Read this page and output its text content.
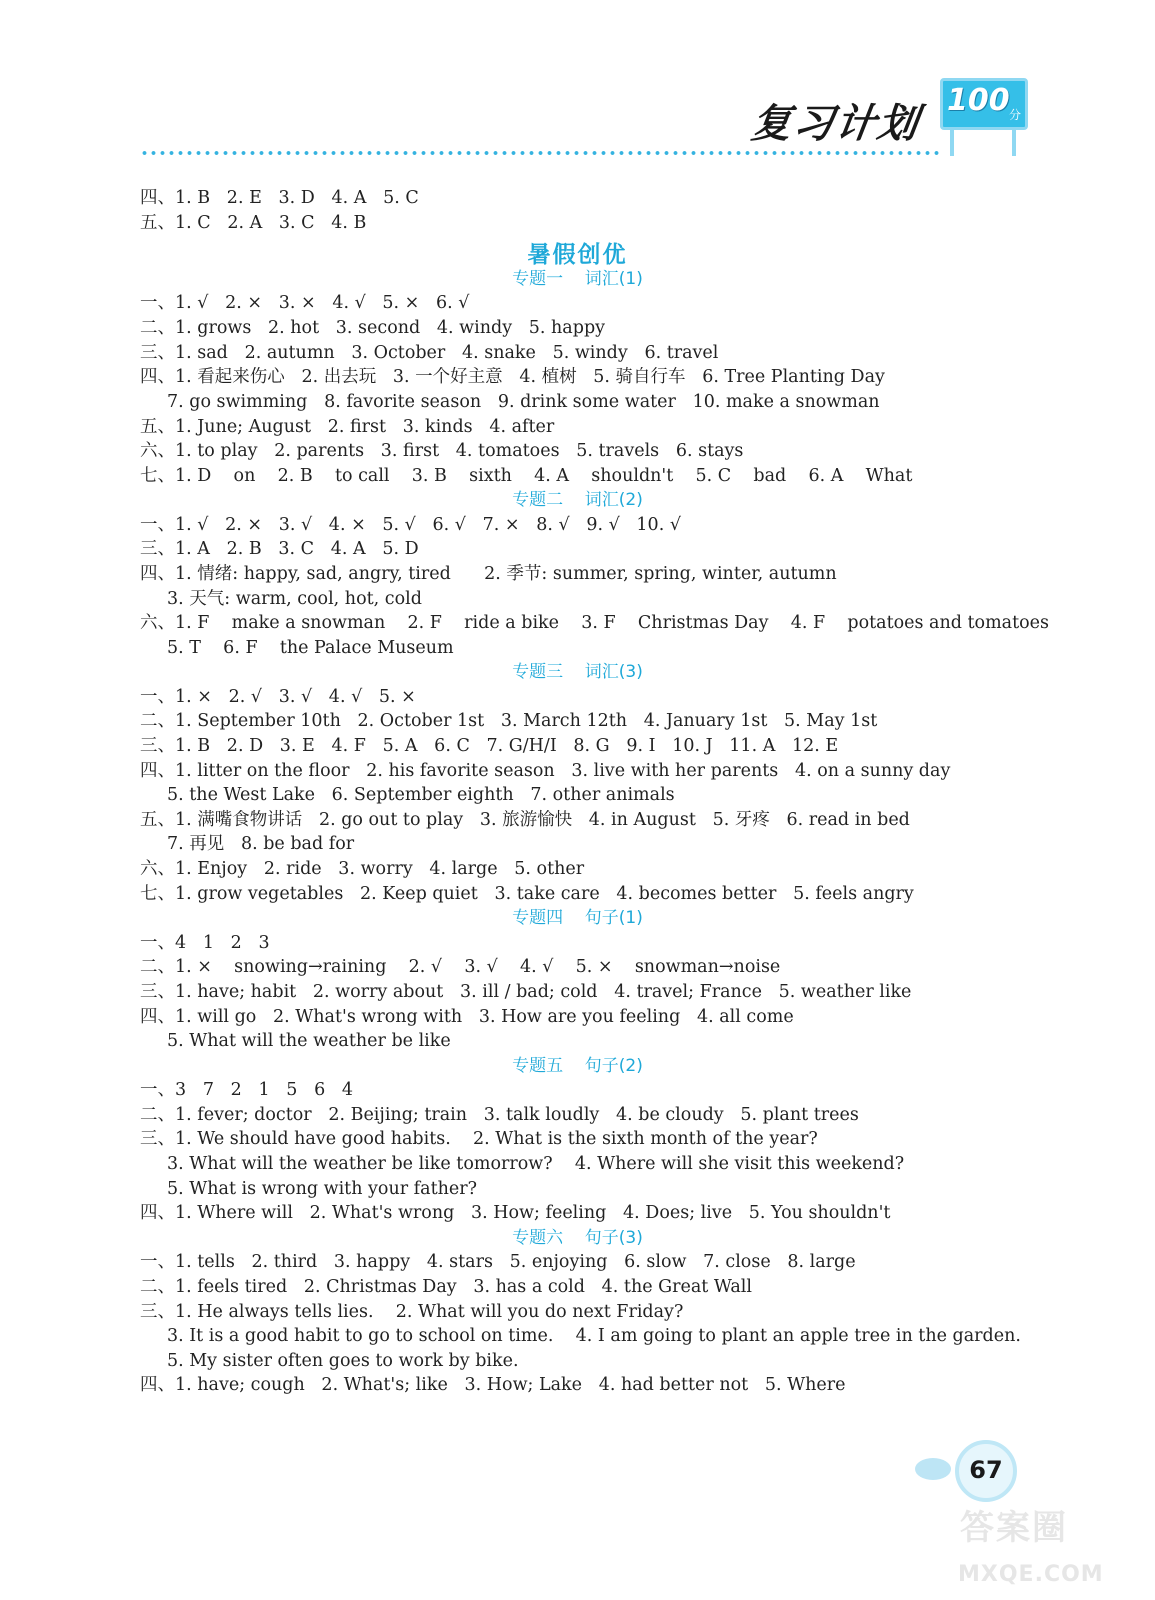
复习计划
100 分
四、1. B   2. E   3. D   4. A   5. C
五、1. C   2. A   3. C   4. B
暑假创优
专题一    词汇(1)
一、1. √   2. ×   3. ×   4. √   5. ×   6. √
二、1. grows   2. hot   3. second   4. windy   5. happy
三、1. sad   2. autumn   3. October   4. snake   5. windy   6. travel
四、1. 看起来伤心   2. 出去玩   3. 一个好主意   4. 植树   5. 骑自行车   6. Tree Planting Day
7. go swimming   8. favorite season   9. drink some water   10. make a snowman
五、1. June; August   2. first   3. kinds   4. after
六、1. to play   2. parents   3. first   4. tomatoes   5. travels   6. stays
七、1. D    on    2. B    to call    3. B    sixth    4. A    shouldn't    5. C    bad    6. A    What
专题二    词汇(2)
一、1. √   2. ×   3. √   4. ×   5. √   6. √   7. ×   8. √   9. √   10. √
三、1. A   2. B   3. C   4. A   5. D
四、1. 情绪: happy, sad, angry, tired      2. 季节: summer, spring, winter, autumn
3. 天气: warm, cool, hot, cold
六、1. F    make a snowman    2. F    ride a bike    3. F    Christmas Day    4. F    potatoes and tomatoes
5. T    6. F    the Palace Museum
专题三    词汇(3)
一、1. ×   2. √   3. √   4. √   5. ×
二、1. September 10th   2. October 1st   3. March 12th   4. January 1st   5. May 1st
三、1. B   2. D   3. E   4. F   5. A   6. C   7. G/H/I   8. G   9. I   10. J   11. A   12. E
四、1. litter on the floor   2. his favorite season   3. live with her parents   4. on a sunny day
5. the West Lake   6. September eighth   7. other animals
五、1. 满嘴食物讲话   2. go out to play   3. 旅游愉快   4. in August   5. 牙疼   6. read in bed
7. 再见   8. be bad for
六、1. Enjoy   2. ride   3. worry   4. large   5. other
七、1. grow vegetables   2. Keep quiet   3. take care   4. becomes better   5. feels angry
专题四    句子(1)
一、4   1   2   3
二、1. ×    snowing→raining    2. √    3. √    4. √    5. ×    snowman→noise
三、1. have; habit   2. worry about   3. ill / bad; cold   4. travel; France   5. weather like
四、1. will go   2. What's wrong with   3. How are you feeling   4. all come
5. What will the weather be like
专题五    句子(2)
一、3   7   2   1   5   6   4
二、1. fever; doctor   2. Beijing; train   3. talk loudly   4. be cloudy   5. plant trees
三、1. We should have good habits.    2. What is the sixth month of the year?
3. What will the weather be like tomorrow?    4. Where will she visit this weekend?
5. What is wrong with your father?
四、1. Where will   2. What's wrong   3. How; feeling   4. Does; live   5. You shouldn't
专题六    句子(3)
一、1. tells   2. third   3. happy   4. stars   5. enjoying   6. slow   7. close   8. large
二、1. feels tired   2. Christmas Day   3. has a cold   4. the Great Wall
三、1. He always tells lies.    2. What will you do next Friday?
3. It is a good habit to go to school on time.    4. I am going to plant an apple tree in the garden.
5. My sister often goes to work by bike.
四、1. have; cough   2. What's; like   3. How; Lake   4. had better not   5. Where
67
答案圈
MXQE.COM
